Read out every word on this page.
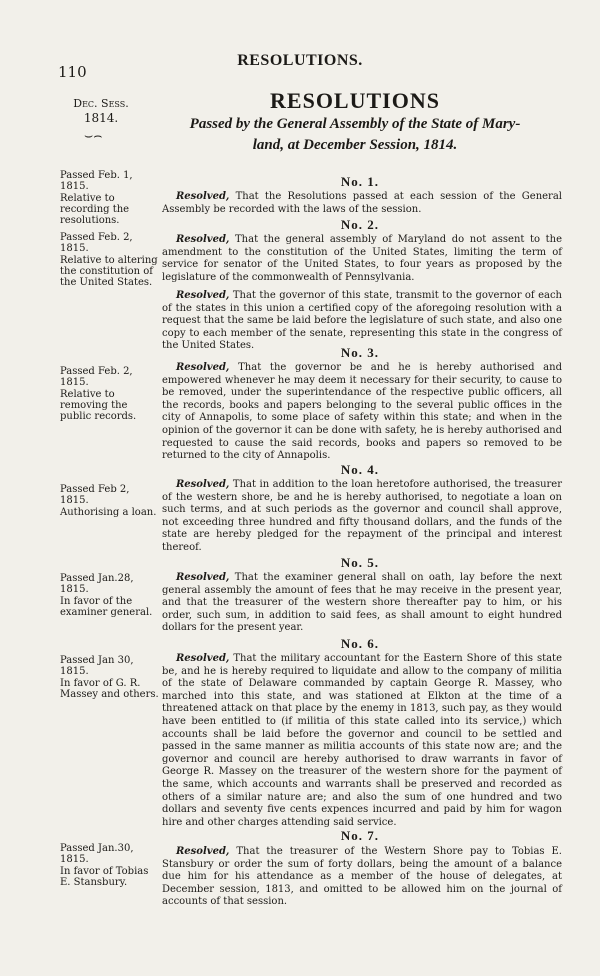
110
RESOLUTIONS.
Dec. Sess.
1814.
⌣⌢
RESOLUTIONS
Passed by the General Assembly of the State of Mary-
land, at December Session, 1814.
Passed Feb. 1, 1815.
Relative to recording the resolutions.
No. 1.

Resolved, That the Resolutions passed at each session of the General Assembly be recorded with the laws of the session.

Passed Feb. 2, 1815.
Relative to altering the constitution of the United States.
No. 2.

Resolved, That the general assembly of Maryland do not assent to the amendment to the constitution of the United States, limiting the term of service for senator of the United States, to four years as proposed by the legislature of the commonwealth of Pennsylvania.

Resolved, That the governor of this state, transmit to the governor of each of the states in this union a certified copy of the aforegoing resolution with a request that the same be laid before the legislature of such state, and also one copy to each member of the senate, representing this state in the congress of the United States.

Passed Feb. 2, 1815.
Relative to removing the public records.
No. 3.

Resolved, That the governor be and he is hereby authorised and empowered whenever he may deem it necessary for their security, to cause to be removed, under the superintendance of the respective public officers, all the records, books and papers belonging to the several public offices in the city of Annapolis, to some place of safety within this state; and when in the opinion of the governor it can be done with safety, he is hereby authorised and requested to cause the said records, books and papers so removed to be returned to the city of Annapolis.

Passed Feb 2, 1815.
Authorising a loan.
No. 4.

Resolved, That in addition to the loan heretofore authorised, the treasurer of the western shore, be and he is hereby authorised, to negotiate a loan on such terms, and at such periods as the governor and council shall approve, not exceeding three hundred and fifty thousand dollars, and the funds of the state are hereby pledged for the repayment of the principal and interest thereof.

Passed Jan.28, 1815.
In favor of the examiner general.
No. 5.

Resolved, That the examiner general shall on oath, lay before the next general assembly the amount of fees that he may receive in the present year, and that the treasurer of the western shore thereafter pay to him, or his order, such sum, in addition to said fees, as shall amount to eight hundred dollars for the present year.

Passed Jan 30, 1815.
In favor of G. R. Massey and others.
No. 6.

Resolved, That the military accountant for the Eastern Shore of this state be, and he is hereby required to liquidate and allow to the company of militia of the state of Delaware commanded by captain George R. Massey, who marched into this state, and was stationed at Elkton at the time of a threatened attack on that place by the enemy in 1813, such pay, as they would have been entitled to (if militia of this state called into its service,) which accounts shall be laid before the governor and council to be settled and passed in the same manner as militia accounts of this state now are; and the governor and council are hereby authorised to draw warrants in favor of George R. Massey on the treasurer of the western shore for the payment of the same, which accounts and warrants shall be preserved and recorded as others of a similar nature are; and also the sum of one hundred and two dollars and seventy five cents expences incurred and paid by him for wagon hire and other charges attending said service.

Passed Jan.30, 1815.
In favor of Tobias E. Stansbury.
No. 7.

Resolved, That the treasurer of the Western Shore pay to Tobias E. Stansbury or order the sum of forty dollars, being the amount of a balance due him for his attendance as a member of the house of delegates, at December session, 1813, and omitted to be allowed him on the journal of accounts of that session.
